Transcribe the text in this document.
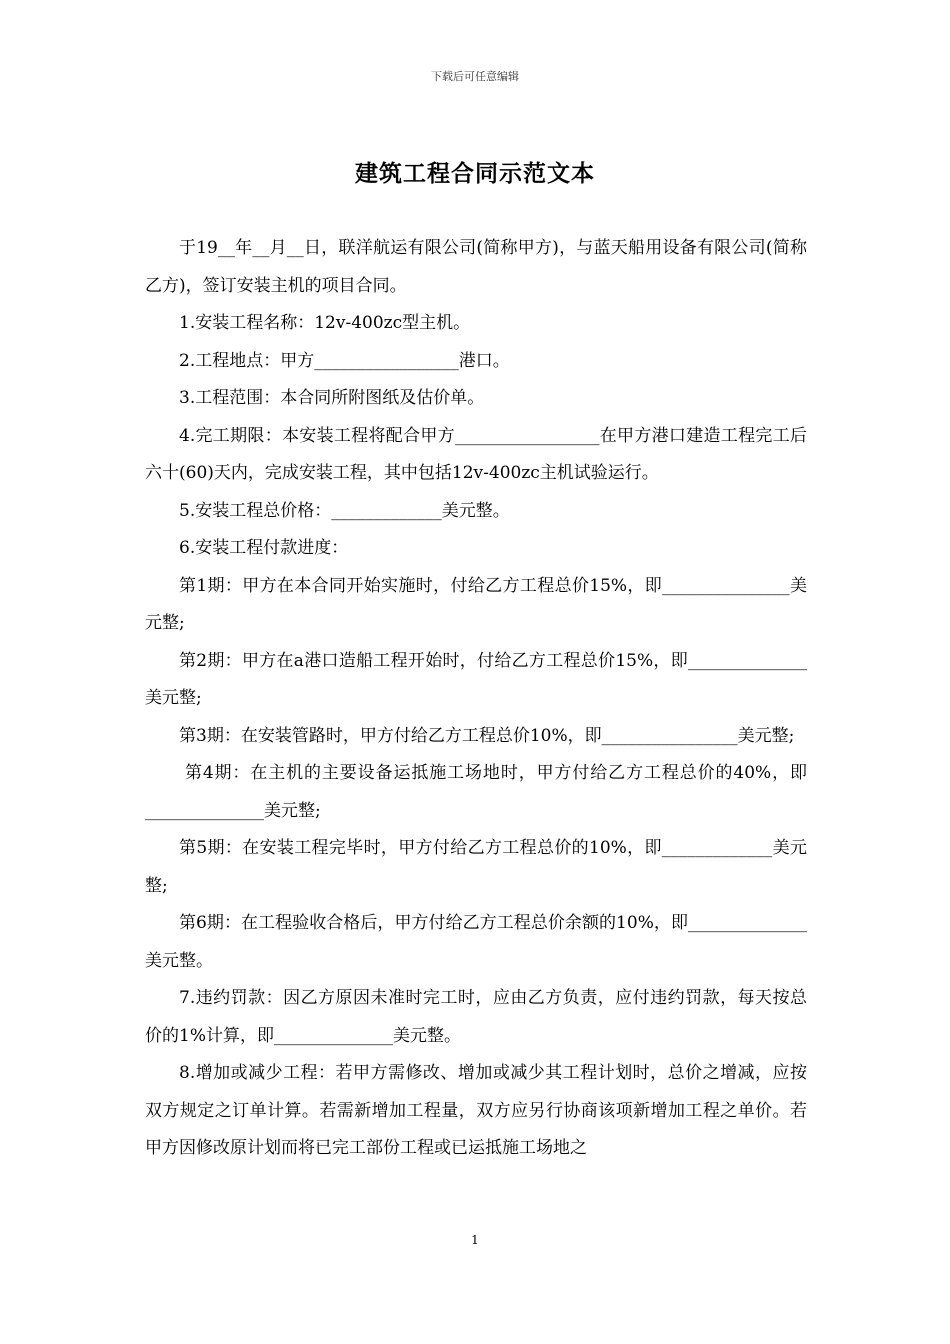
下载后可任意编辑
建筑工程合同示范文本

于19__年__月__日，联洋航运有限公司(简称甲方)，与蓝天船用设备有限公司(简称乙方)，签订安装主机的项目合同。

1.安装工程名称：12v-400zc型主机。

2.工程地点：甲方_________________港口。

3.工程范围：本合同所附图纸及估价单。

4.完工期限：本安装工程将配合甲方_________________在甲方港口建造工程完工后六十(60)天内，完成安装工程，其中包括12v-400zc主机试验运行。

5.安装工程总价格：_____________美元整。

6.安装工程付款进度：

第1期：甲方在本合同开始实施时，付给乙方工程总价15%，即_______________美元整;

第2期：甲方在a港口造船工程开始时，付给乙方工程总价15%，即______________美元整;

第3期：在安装管路时，甲方付给乙方工程总价10%，即________________美元整;

第4期：在主机的主要设备运抵施工场地时，甲方付给乙方工程总价的40%，即______________美元整;

第5期：在安装工程完毕时，甲方付给乙方工程总价的10%，即_____________美元整;

第6期：在工程验收合格后，甲方付给乙方工程总价余额的10%，即______________美元整。

7.违约罚款：因乙方原因未准时完工时，应由乙方负责，应付违约罚款，每天按总价的1%计算，即______________美元整。

8.增加或减少工程：若甲方需修改、增加或减少其工程计划时，总价之增减，应按双方规定之订单计算。若需新增加工程量，双方应另行协商该项新增加工程之单价。若甲方因修改原计划而将已完工部份工程或已运抵施工场地之

1
